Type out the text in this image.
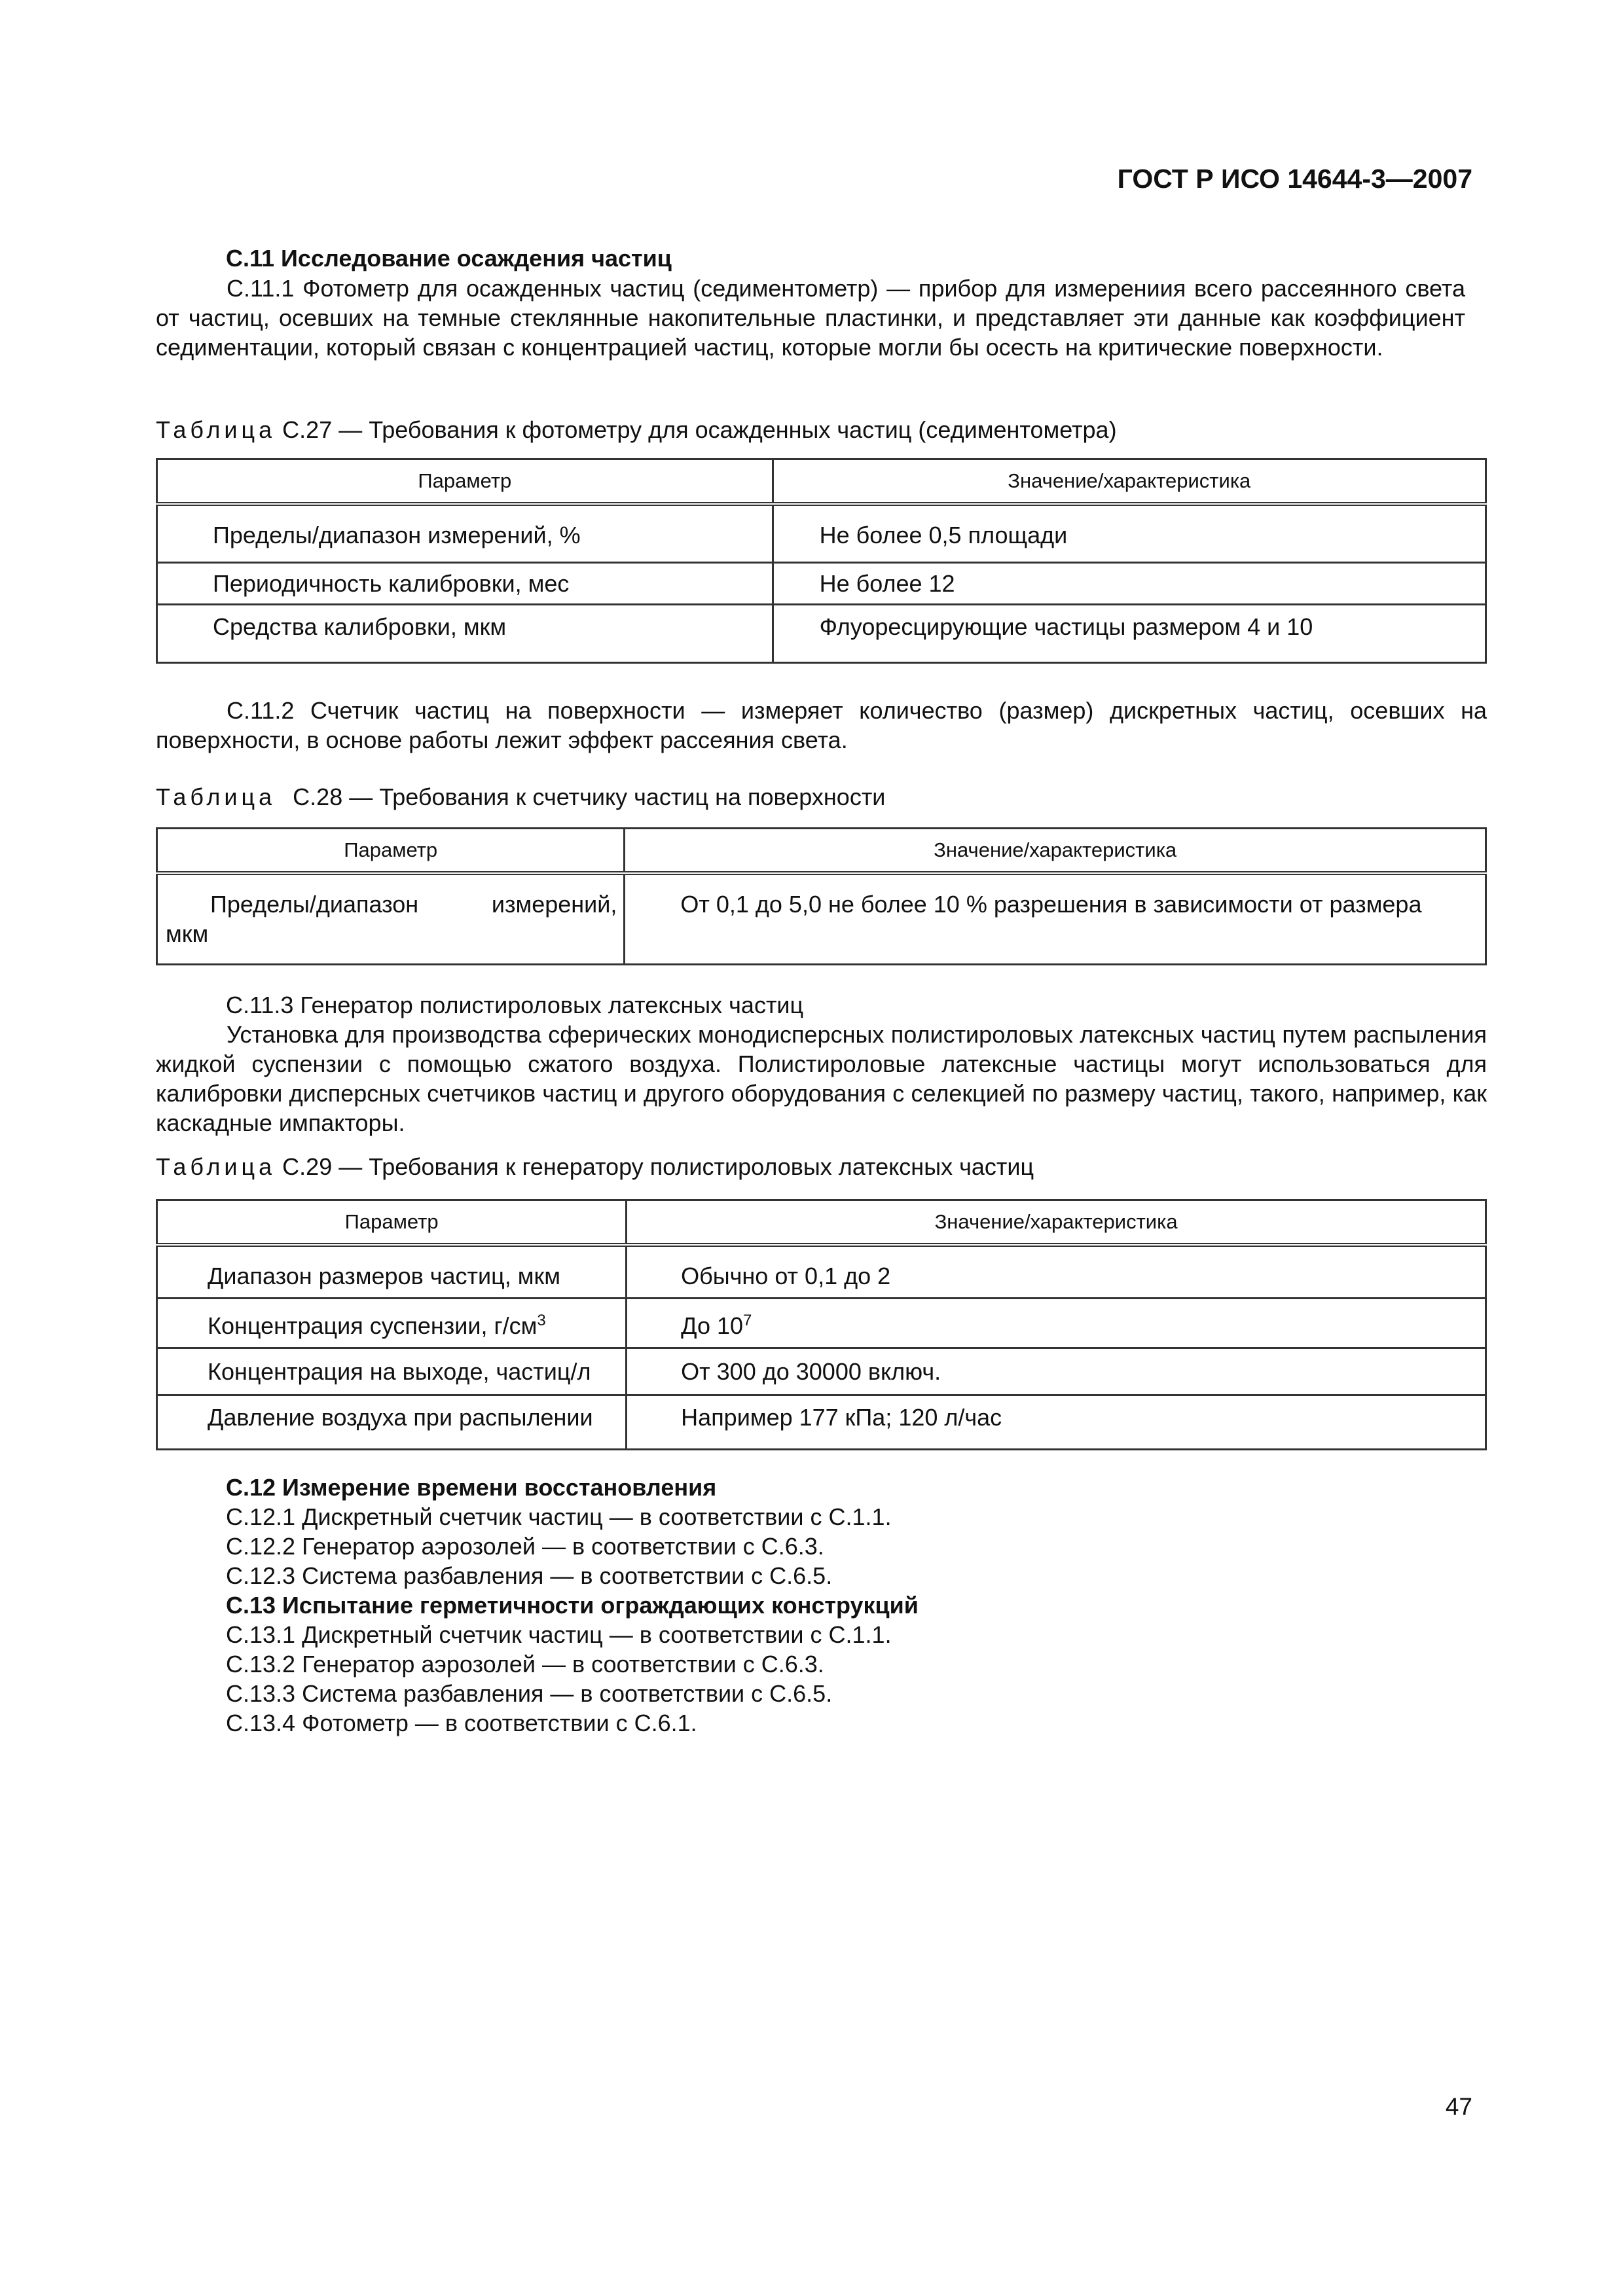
ГОСТ Р ИСО 14644-3—2007
С.11 Исследование осаждения частиц

С.11.1 Фотометр для осажденных частиц (седиментометр) — прибор для измерениия всего рассеянного света от частиц, осевших на темные стеклянные накопительные пластинки, и представляет эти данные как коэффициент седиментации, который связан с концентрацией частиц, которые могли бы осесть на критические поверхности.

Таблица С.27 — Требования к фотометру для осажденных частиц (седиментометра)
Параметр	Значение/характеристика

Пределы/диапазон измерений, %	Не более 0,5 площади

Периодичность калибровки, мес	Не более 12

Средства калибровки, мкм	Флуоресцирующие частицы размером 4 и 10

С.11.2 Счетчик частиц на поверхности — измеряет количество (размер) дискретных частиц, осевших на поверхности, в основе работы лежит эффект рассеяния света.

Таблица С.28 — Требования к счетчику частиц на поверхности
Параметр	Значение/характеристика

Пределы/диапазон измерений,
мкм	От 0,1 до 5,0 не более 10 % разрешения в зависимости от размера
С.11.3 Генератор полистироловых латексных частиц

Установка для производства сферических монодисперсных полистироловых латексных частиц путем распыления жидкой суспензии с помощью сжатого воздуха. Полистироловые латексные частицы могут использоваться для калибровки дисперсных счетчиков частиц и другого оборудования с селекцией по размеру частиц, такого, например, как каскадные импакторы.

Таблица С.29 — Требования к генератору полистироловых латексных частиц
Параметр	Значение/характеристика

Диапазон размеров частиц, мкм	Обычно от 0,1 до 2

Концентрация суспензии, $г/см^3$	До $10^7$

Концентрация на выходе, частиц/л	От 300 до 30000 включ.

Давление воздуха при распылении	Например 177 кПа; 120 л/час
С.12 Измерение времени восстановления
С.12.1 Дискретный счетчик частиц — в соответствии с С.1.1.
С.12.2 Генератор аэрозолей — в соответствии с С.6.3.
С.12.3 Система разбавления — в соответствии с С.6.5.
С.13 Испытание герметичности ограждающих конструкций
С.13.1 Дискретный счетчик частиц — в соответствии с С.1.1.
С.13.2 Генератор аэрозолей — в соответствии с С.6.3.
С.13.3 Система разбавления — в соответствии с С.6.5.
С.13.4 Фотометр — в соответствии с С.6.1.
47
